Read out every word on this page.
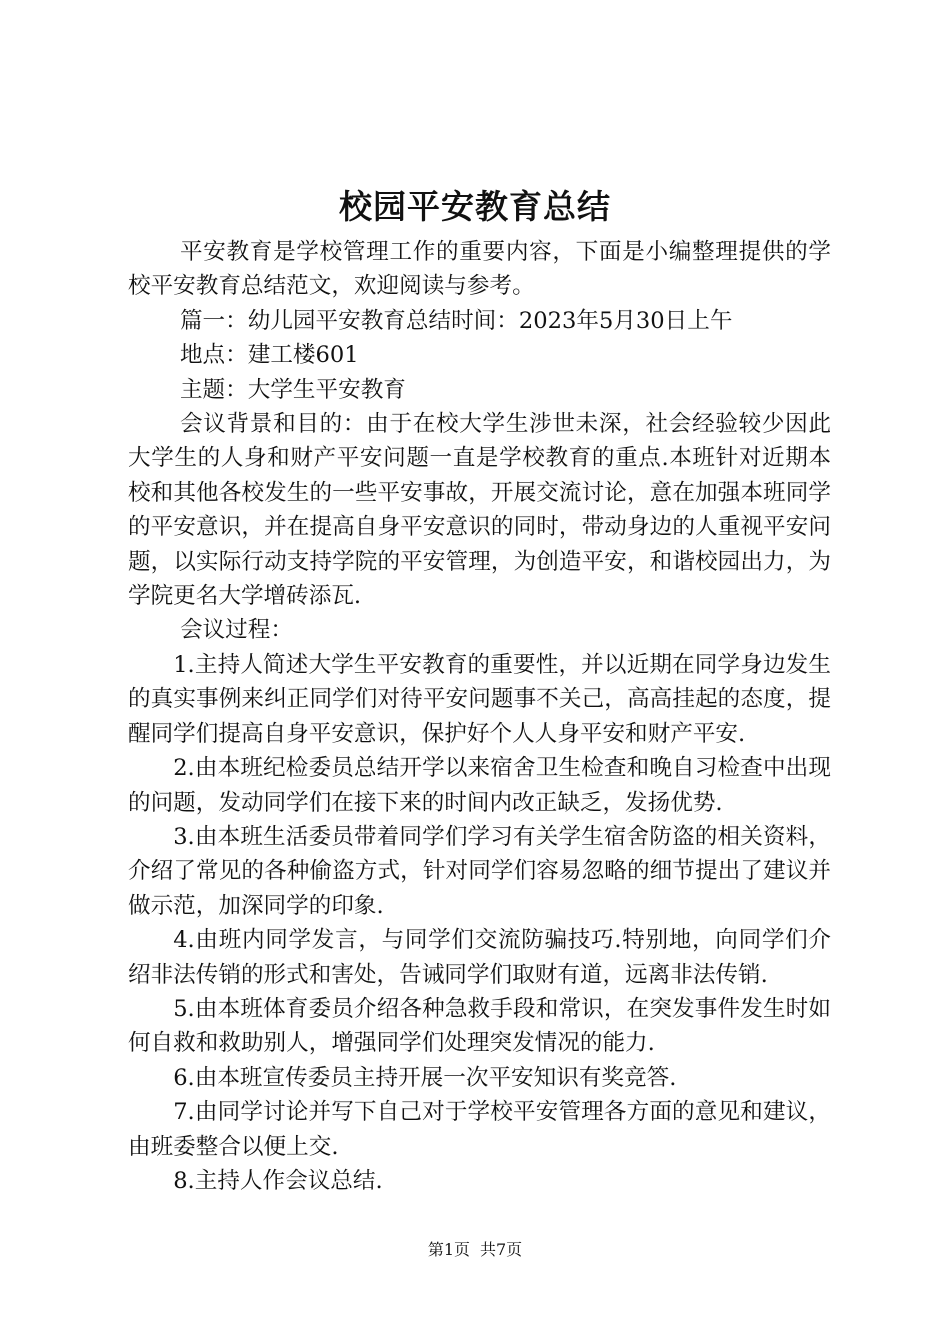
校园平安教育总结

平安教育是学校管理工作的重要内容，下面是小编整理提供的学校平安教育总结范文，欢迎阅读与参考。

篇一：幼儿园平安教育总结时间：2023年5月30日上午

地点：建工楼601

主题：大学生平安教育

会议背景和目的：由于在校大学生涉世未深，社会经验较少因此大学生的人身和财产平安问题一直是学校教育的重点.本班针对近期本校和其他各校发生的一些平安事故，开展交流讨论，意在加强本班同学的平安意识，并在提高自身平安意识的同时，带动身边的人重视平安问题，以实际行动支持学院的平安管理，为创造平安，和谐校园出力，为学院更名大学增砖添瓦.

会议过程：

1.主持人简述大学生平安教育的重要性，并以近期在同学身边发生的真实事例来纠正同学们对待平安问题事不关己，高高挂起的态度，提醒同学们提高自身平安意识，保护好个人人身平安和财产平安.

2.由本班纪检委员总结开学以来宿舍卫生检查和晚自习检查中出现的问题，发动同学们在接下来的时间内改正缺乏，发扬优势.

3.由本班生活委员带着同学们学习有关学生宿舍防盗的相关资料，介绍了常见的各种偷盗方式，针对同学们容易忽略的细节提出了建议并做示范，加深同学的印象.

4.由班内同学发言，与同学们交流防骗技巧.特别地，向同学们介绍非法传销的形式和害处，告诫同学们取财有道，远离非法传销.

5.由本班体育委员介绍各种急救手段和常识，在突发事件发生时如何自救和救助别人，增强同学们处理突发情况的能力.

6.由本班宣传委员主持开展一次平安知识有奖竞答.

7.由同学讨论并写下自己对于学校平安管理各方面的意见和建议，由班委整合以便上交.

8.主持人作会议总结.

第1页 共7页
